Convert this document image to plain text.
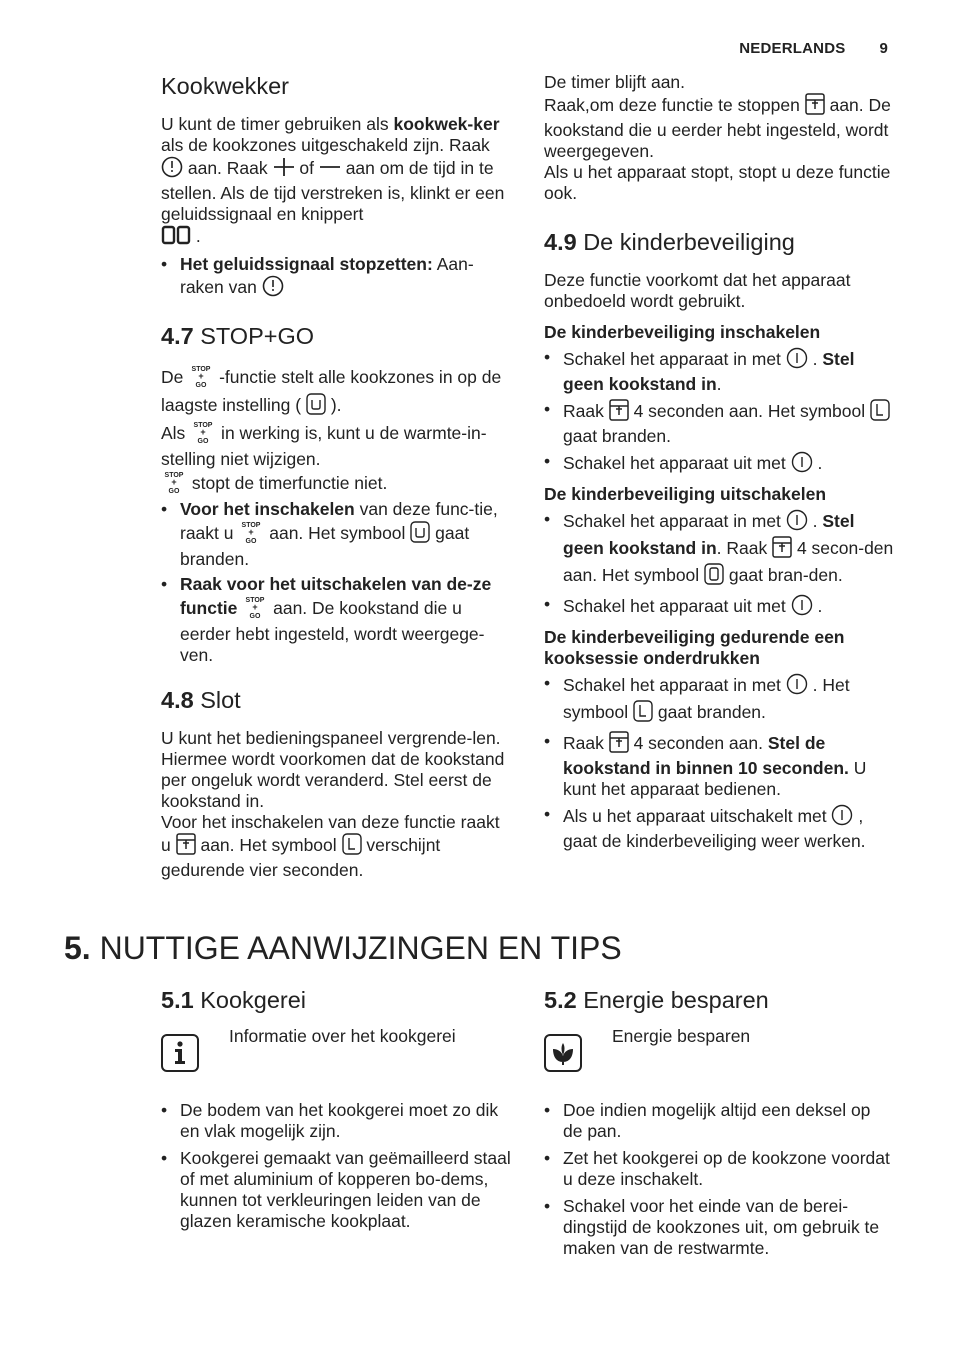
NEDERLANDS 9
Kookwekker

U kunt de timer gebruiken als kookwek-ker als de kookzones uitgeschakeld zijn. Raak  aan. Raak  of  aan om de tijd in te stellen. Als de tijd verstreken is, klinkt er een geluidssignaal en knippert
.

• Het geluidssignaal stopzetten: Aan-raken van
4.7 STOP+GO

De STOP
+
GO -functie stelt alle kookzones in op de laagste instelling (  ).

Als STOP
+
GO in werking is, kunt u de warmte-in-stelling niet wijzigen.

STOP
+
GO stopt de timerfunctie niet.

• Voor het inschakelen van deze func-tie, raakt u STOP
+
GO aan. Het symbool  gaat branden.
• Raak voor het uitschakelen van de-ze functie STOP
+
GO aan. De kookstand die u eerder hebt ingesteld, wordt weergege-ven.
4.8 Slot

U kunt het bedieningspaneel vergrende-len. Hiermee wordt voorkomen dat de kookstand per ongeluk wordt veranderd. Stel eerst de kookstand in.

Voor het inschakelen van deze functie raakt u  aan. Het symbool  verschijnt gedurende vier seconden.

De timer blijft aan.

Raak,om deze functie te stoppen  aan. De kookstand die u eerder hebt ingesteld, wordt weergegeven.

Als u het apparaat stopt, stopt u deze functie ook.

4.9 De kinderbeveiliging

Deze functie voorkomt dat het apparaat onbedoeld wordt gebruikt.

De kinderbeveiliging inschakelen

• Schakel het apparaat in met  . Stel geen kookstand in.
• Raak  4 seconden aan. Het symbool  gaat branden.
• Schakel het apparaat uit met  .

De kinderbeveiliging uitschakelen

• Schakel het apparaat in met  . Stel geen kookstand in. Raak  4 secon-den aan. Het symbool  gaat bran-den.
• Schakel het apparaat uit met  .

De kinderbeveiliging gedurende een kooksessie onderdrukken

• Schakel het apparaat in met  . Het symbool  gaat branden.
• Raak  4 seconden aan. Stel de kookstand in binnen 10 seconden. U kunt het apparaat bedienen.
• Als u het apparaat uitschakelt met  , gaat de kinderbeveiliging weer werken.
5. NUTTIGE AANWIJZINGEN EN TIPS
5.1 Kookgerei
Informatie over het kookgerei
• De bodem van het kookgerei moet zo dik en vlak mogelijk zijn.
• Kookgerei gemaakt van geëmailleerd staal of met aluminium of kopperen bo-dems, kunnen tot verkleuringen leiden van de glazen keramische kookplaat.
5.2 Energie besparen
Energie besparen
• Doe indien mogelijk altijd een deksel op de pan.
• Zet het kookgerei op de kookzone voordat u deze inschakelt.
• Schakel voor het einde van de berei-dingstijd de kookzones uit, om gebruik te maken van de restwarmte.
